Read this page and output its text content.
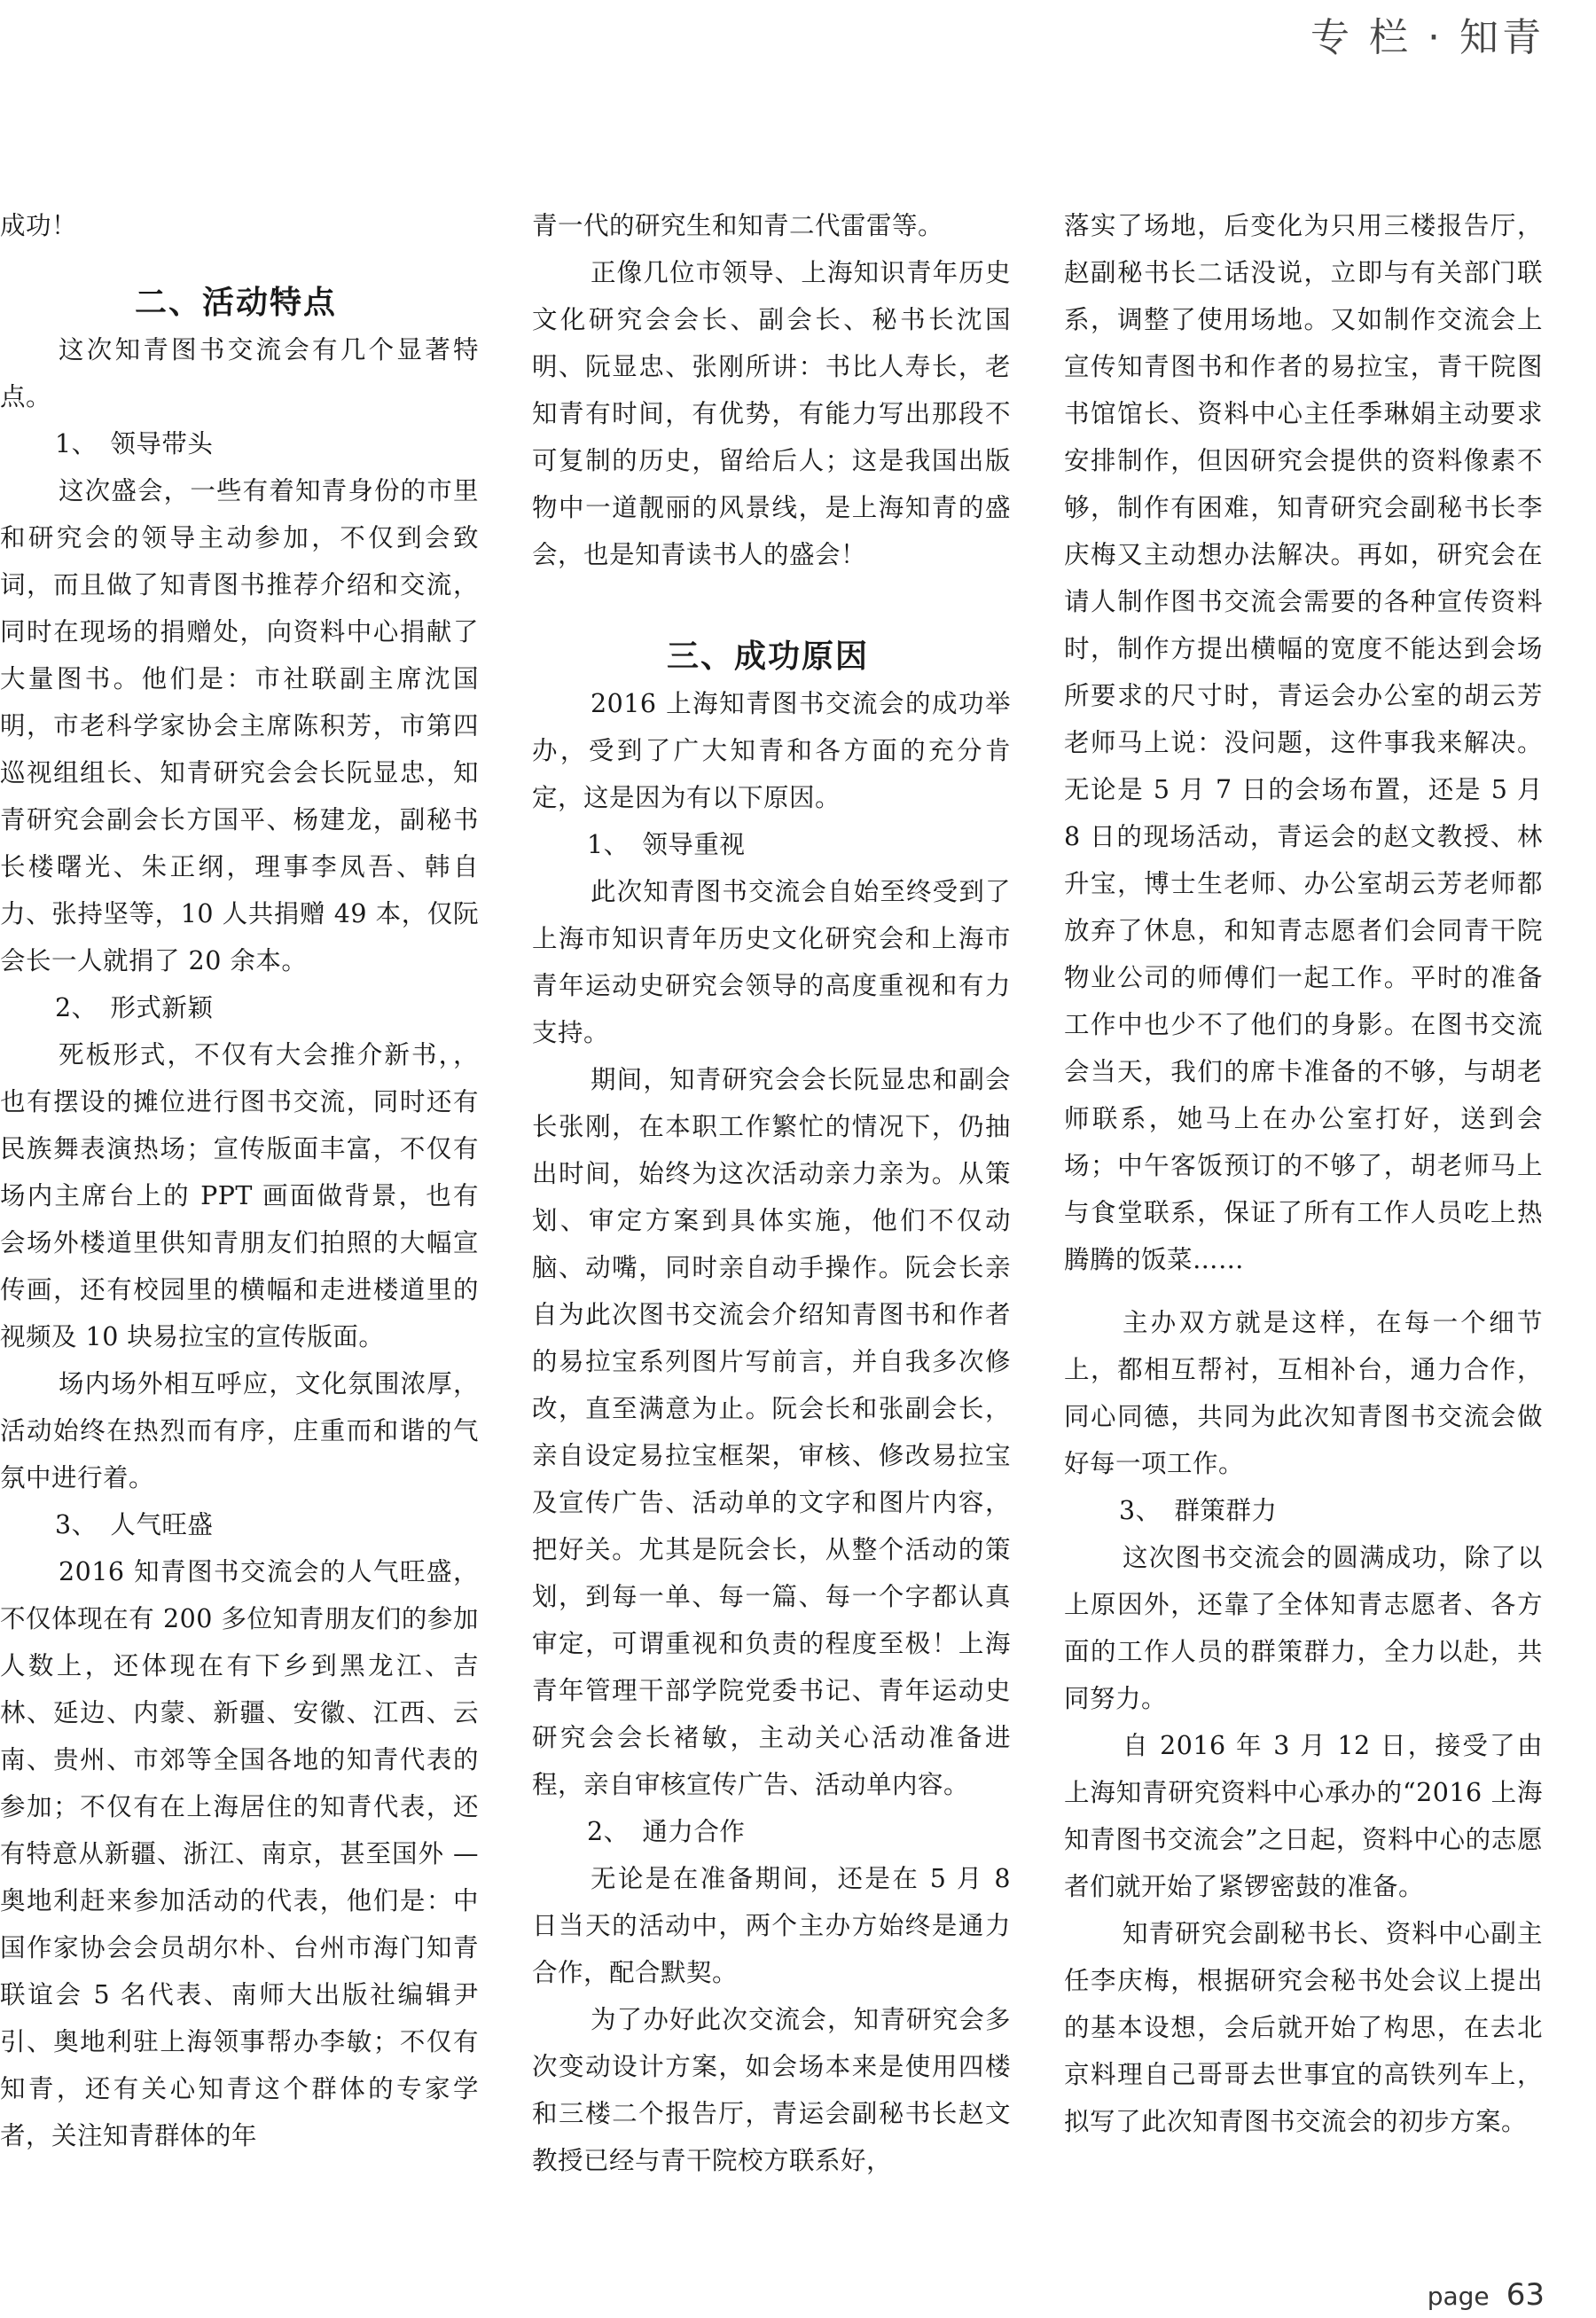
专 栏 · 知青

成功！

二、活动特点

这次知青图书交流会有几个显著特点。

1、　领导带头

这次盛会，一些有着知青身份的市里和研究会的领导主动参加，不仅到会致词，而且做了知青图书推荐介绍和交流，同时在现场的捐赠处，向资料中心捐献了大量图书。他们是：市社联副主席沈国明，市老科学家协会主席陈积芳，市第四巡视组组长、知青研究会会长阮显忠，知青研究会副会长方国平、杨建龙，副秘书长楼曙光、朱正纲，理事李凤吾、韩自力、张持坚等，10 人共捐赠 49 本，仅阮会长一人就捐了 20 余本。

2、　形式新颖

死板形式，不仅有大会推介新书，，也有摆设的摊位进行图书交流，同时还有民族舞表演热场；宣传版面丰富，不仅有场内主席台上的 PPT 画面做背景，也有会场外楼道里供知青朋友们拍照的大幅宣传画，还有校园里的横幅和走进楼道里的视频及 10 块易拉宝的宣传版面。

场内场外相互呼应，文化氛围浓厚，活动始终在热烈而有序，庄重而和谐的气氛中进行着。

3、　人气旺盛

2016 知青图书交流会的人气旺盛，不仅体现在有 200 多位知青朋友们的参加人数上，还体现在有下乡到黑龙江、吉林、延边、内蒙、新疆、安徽、江西、云南、贵州、市郊等全国各地的知青代表的参加；不仅有在上海居住的知青代表，还有特意从新疆、浙江、南京，甚至国外 — 奥地利赶来参加活动的代表，他们是：中国作家协会会员胡尔朴、台州市海门知青联谊会 5 名代表、南师大出版社编辑尹引、奥地利驻上海领事帮办李敏；不仅有知青，还有关心知青这个群体的专家学者，关注知青群体的年

青一代的研究生和知青二代雷雷等。

正像几位市领导、上海知识青年历史文化研究会会长、副会长、秘书长沈国明、阮显忠、张刚所讲：书比人寿长，老知青有时间，有优势，有能力写出那段不可复制的历史，留给后人；这是我国出版物中一道靓丽的风景线，是上海知青的盛会，也是知青读书人的盛会！

三、成功原因

2016 上海知青图书交流会的成功举办，受到了广大知青和各方面的充分肯定，这是因为有以下原因。

1、　领导重视

此次知青图书交流会自始至终受到了上海市知识青年历史文化研究会和上海市青年运动史研究会领导的高度重视和有力支持。

期间，知青研究会会长阮显忠和副会长张刚，在本职工作繁忙的情况下，仍抽出时间，始终为这次活动亲力亲为。从策划、审定方案到具体实施，他们不仅动脑、动嘴，同时亲自动手操作。阮会长亲自为此次图书交流会介绍知青图书和作者的易拉宝系列图片写前言，并自我多次修改，直至满意为止。阮会长和张副会长，亲自设定易拉宝框架，审核、修改易拉宝及宣传广告、活动单的文字和图片内容，把好关。尤其是阮会长，从整个活动的策划，到每一单、每一篇、每一个字都认真审定，可谓重视和负责的程度至极！上海青年管理干部学院党委书记、青年运动史研究会会长褚敏，主动关心活动准备进程，亲自审核宣传广告、活动单内容。

2、　通力合作

无论是在准备期间，还是在 5 月 8 日当天的活动中，两个主办方始终是通力合作，配合默契。

为了办好此次交流会，知青研究会多次变动设计方案，如会场本来是使用四楼和三楼二个报告厅，青运会副秘书长赵文教授已经与青干院校方联系好，

落实了场地，后变化为只用三楼报告厅，赵副秘书长二话没说，立即与有关部门联系，调整了使用场地。又如制作交流会上宣传知青图书和作者的易拉宝，青干院图书馆馆长、资料中心主任季琳娟主动要求安排制作，但因研究会提供的资料像素不够，制作有困难，知青研究会副秘书长李庆梅又主动想办法解决。再如，研究会在请人制作图书交流会需要的各种宣传资料时，制作方提出横幅的宽度不能达到会场所要求的尺寸时，青运会办公室的胡云芳老师马上说：没问题，这件事我来解决。无论是 5 月 7 日的会场布置，还是 5 月 8 日的现场活动，青运会的赵文教授、林升宝，博士生老师、办公室胡云芳老师都放弃了休息，和知青志愿者们会同青干院物业公司的师傅们一起工作。平时的准备工作中也少不了他们的身影。在图书交流会当天，我们的席卡准备的不够，与胡老师联系，她马上在办公室打好，送到会场；中午客饭预订的不够了，胡老师马上与食堂联系，保证了所有工作人员吃上热腾腾的饭菜……

主办双方就是这样，在每一个细节上，都相互帮衬，互相补台，通力合作，同心同德，共同为此次知青图书交流会做好每一项工作。

3、　群策群力

这次图书交流会的圆满成功，除了以上原因外，还靠了全体知青志愿者、各方面的工作人员的群策群力，全力以赴，共同努力。

自 2016 年 3 月 12 日，接受了由上海知青研究资料中心承办的“2016 上海知青图书交流会”之日起，资料中心的志愿者们就开始了紧锣密鼓的准备。

知青研究会副秘书长、资料中心副主任李庆梅，根据研究会秘书处会议上提出的基本设想，会后就开始了构思，在去北京料理自己哥哥去世事宜的高铁列车上，拟写了此次知青图书交流会的初步方案。

page 63
